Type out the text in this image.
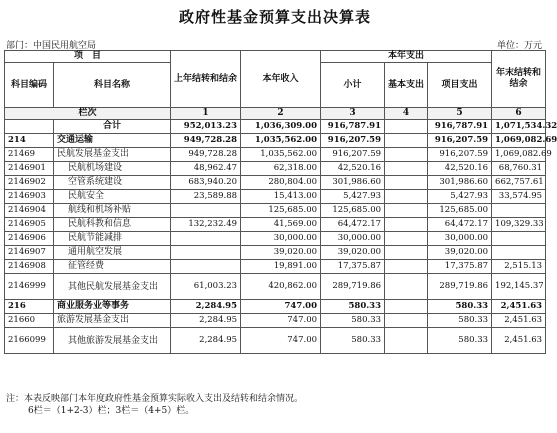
政府性基金预算支出决算表
部门：中国民用航空局	单位：万元
项　目		上年结转和结余	本年收入	本年支出			年末结转和结余
科目编码	科目名称			小计	基本支出	项目支出	
栏次		1	2	3	4	5	6
	合计	952,013.23	1,036,309.00	916,787.91		916,787.91	1,071,534.32
214	交通运输	949,728.28	1,035,562.00	916,207.59		916,207.59	1,069,082.69
21469	民航发展基金支出	949,728.28	1,035,562.00	916,207.59		916,207.59	1,069,082.69
2146901	民航机场建设	48,962.47	62,318.00	42,520.16		42,520.16	68,760.31
2146902	空管系统建设	683,940.20	280,804.00	301,986.60		301,986.60	662,757.61
2146903	民航安全	23,589.88	15,413.00	5,427.93		5,427.93	33,574.95
2146904	航线和机场补贴		125,685.00	125,685.00		125,685.00	
2146905	民航科教和信息	132,232.49	41,569.00	64,472.17		64,472.17	109,329.33
2146906	民航节能减排		30,000.00	30,000.00		30,000.00	
2146907	通用航空发展		39,020.00	39,020.00		39,020.00	
2146908	征管经费		19,891.00	17,375.87		17,375.87	2,515.13
2146999	其他民航发展基金支出	61,003.23	420,862.00	289,719.86		289,719.86	192,145.37
216	商业服务业等事务	2,284.95	747.00	580.33		580.33	2,451.63
21660	旅游发展基金支出	2,284.95	747.00	580.33		580.33	2,451.63
2166099	其他旅游发展基金支出	2,284.95	747.00	580.33		580.33	2,451.63
注：本表反映部门本年度政府性基金预算实际收入支出及结转和结余情况。
6栏＝（1+2-3）栏；3栏＝（4+5）栏。
